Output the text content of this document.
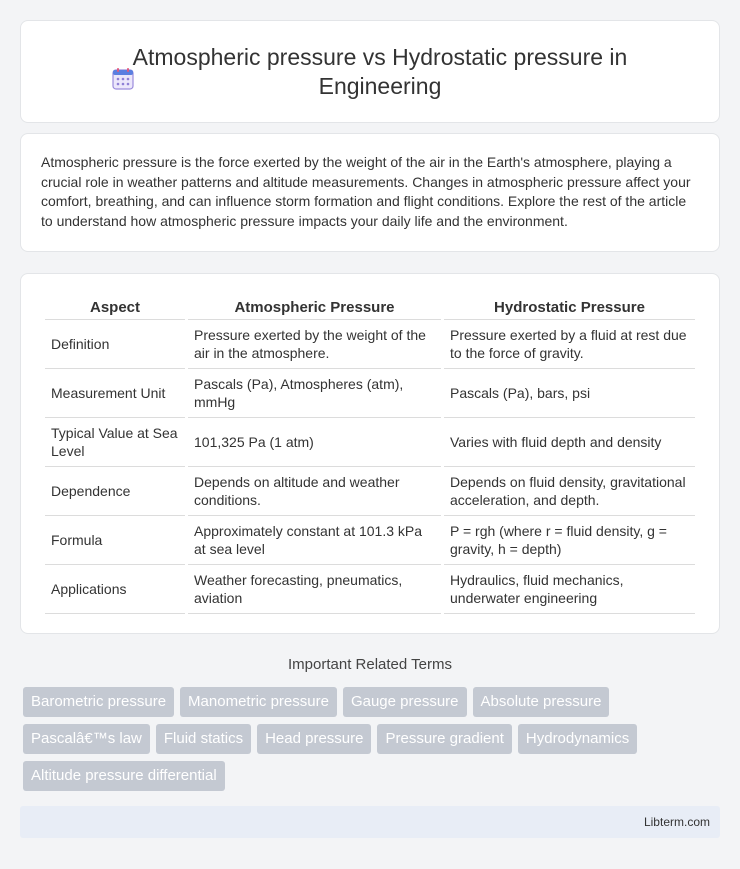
Atmospheric pressure vs Hydrostatic pressure in Engineering

Atmospheric pressure is the force exerted by the weight of the air in the Earth's atmosphere, playing a crucial role in weather patterns and altitude measurements. Changes in atmospheric pressure affect your comfort, breathing, and can influence storm formation and flight conditions. Explore the rest of the article to understand how atmospheric pressure impacts your daily life and the environment.

Aspect	Atmospheric Pressure	Hydrostatic Pressure
Definition	Pressure exerted by the weight of the air in the atmosphere.	Pressure exerted by a fluid at rest due to the force of gravity.
Measurement Unit	Pascals (Pa), Atmospheres (atm), mmHg	Pascals (Pa), bars, psi
Typical Value at Sea Level	101,325 Pa (1 atm)	Varies with fluid depth and density
Dependence	Depends on altitude and weather conditions.	Depends on fluid density, gravitational acceleration, and depth.
Formula	Approximately constant at 101.3 kPa at sea level	P = rgh (where r = fluid density, g = gravity, h = depth)
Applications	Weather forecasting, pneumatics, aviation	Hydraulics, fluid mechanics, underwater engineering
Important Related Terms
Barometric pressure	Manometric pressure	Gauge pressure	Absolute pressure
Pascalâ€™s law	Fluid statics	Head pressure	Pressure gradient	Hydrodynamics
Altitude pressure differential
Libterm.com
